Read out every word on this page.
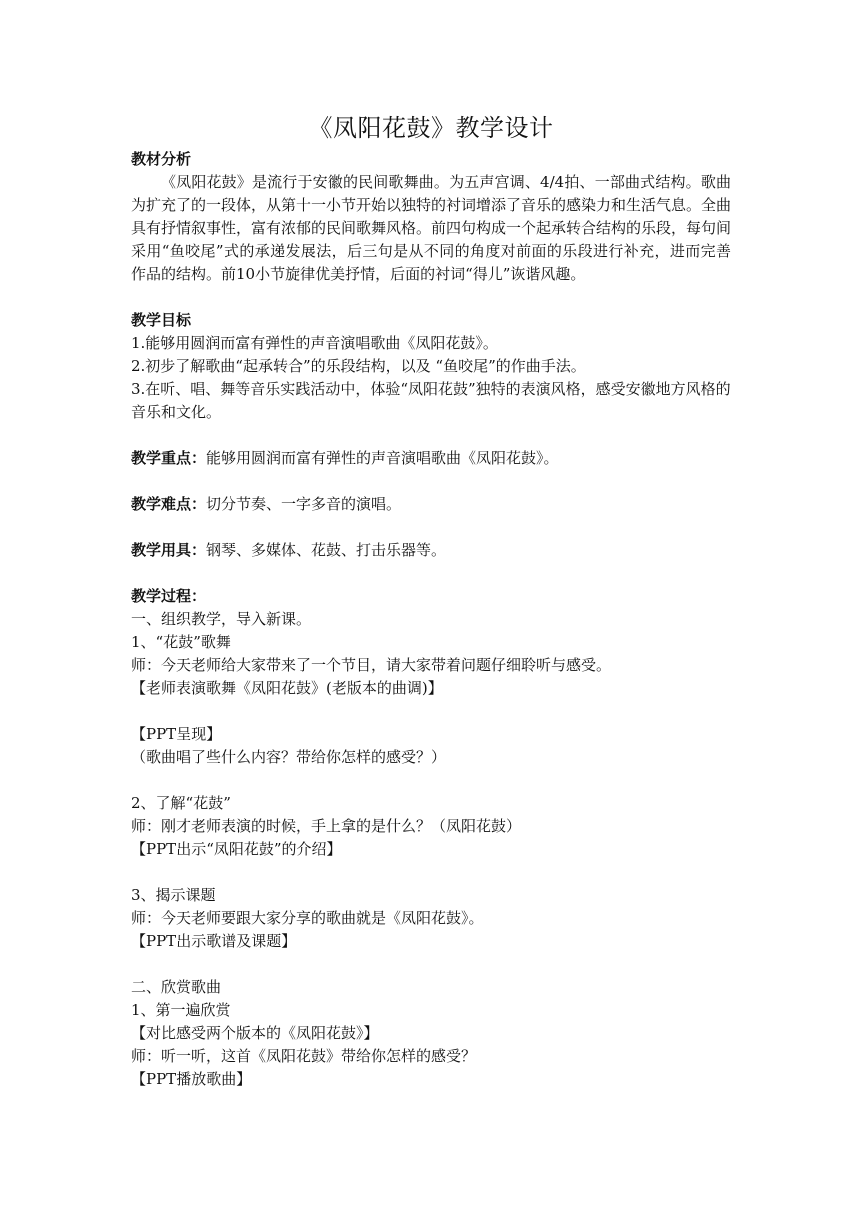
《凤阳花鼓》教学设计

教材分析

《凤阳花鼓》是流行于安徽的民间歌舞曲。为五声宫调、4/4拍、一部曲式结构。歌曲为扩充了的一段体，从第十一小节开始以独特的衬词增添了音乐的感染力和生活气息。全曲具有抒情叙事性，富有浓郁的民间歌舞风格。前四句构成一个起承转合结构的乐段，每句间采用“鱼咬尾”式的承递发展法，后三句是从不同的角度对前面的乐段进行补充，进而完善作品的结构。前10小节旋律优美抒情，后面的衬词“得儿”诙谐风趣。

教学目标

1.能够用圆润而富有弹性的声音演唱歌曲《凤阳花鼓》。

2.初步了解歌曲“起承转合”的乐段结构，以及 “鱼咬尾”的作曲手法。

3.在听、唱、舞等音乐实践活动中，体验“凤阳花鼓”独特的表演风格，感受安徽地方风格的音乐和文化。

教学重点：能够用圆润而富有弹性的声音演唱歌曲《凤阳花鼓》。

教学难点：切分节奏、一字多音的演唱。

教学用具：钢琴、多媒体、花鼓、打击乐器等。

教学过程：

一、组织教学，导入新课。

1、“花鼓”歌舞

师：今天老师给大家带来了一个节目，请大家带着问题仔细聆听与感受。

【老师表演歌舞《凤阳花鼓》(老版本的曲调)】

【PPT呈现】

（歌曲唱了些什么内容？带给你怎样的感受？）

2、了解“花鼓”

师：刚才老师表演的时候，手上拿的是什么？（凤阳花鼓）

【PPT出示“凤阳花鼓”的介绍】

3、揭示课题

师：今天老师要跟大家分享的歌曲就是《凤阳花鼓》。

【PPT出示歌谱及课题】

二、欣赏歌曲

1、第一遍欣赏

【对比感受两个版本的《凤阳花鼓》】

师：听一听，这首《凤阳花鼓》带给你怎样的感受？

【PPT播放歌曲】
